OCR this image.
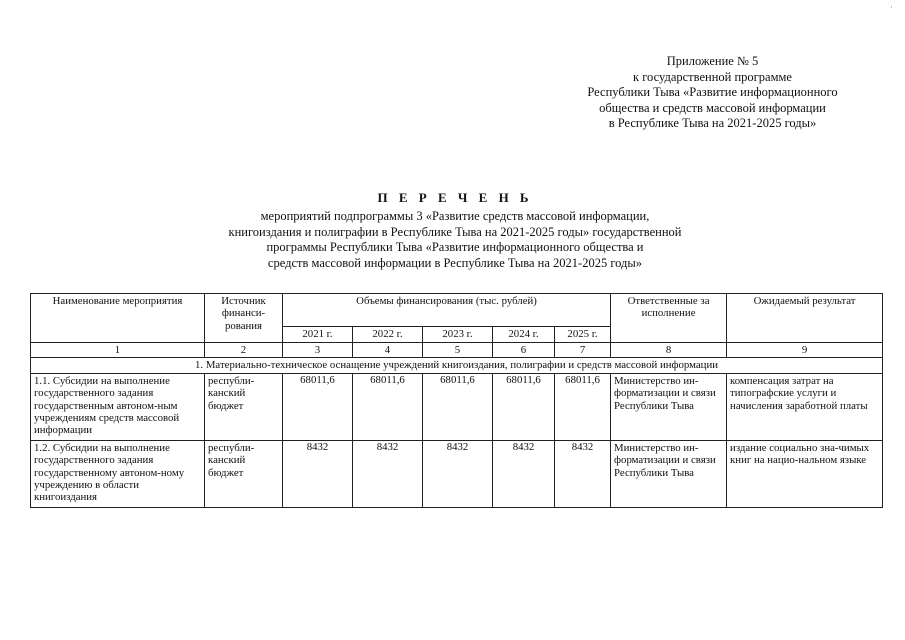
·
Приложение № 5
к государственной программе
Республики Тыва «Развитие информационного
общества и средств массовой информации
в Республике Тыва на 2021-2025 годы»
П Е Р Е Ч Е Н Ь
мероприятий подпрограммы 3 «Развитие средств массовой информации,
книгоиздания и полиграфии в Республике Тыва на 2021-2025 годы» государственной
программы Республики Тыва «Развитие информационного общества и
средств массовой информации в Республике Тыва на 2021-2025 годы»
Наименование мероприятия	Источник финанси-рования	Объемы финансирования (тыс. рублей)					Ответственные за исполнение	Ожидаемый результат
		2021 г.	2022 г.	2023 г.	2024 г.	2025 г.		
1	2	3	4	5	6	7	8	9
1. Материально-техническое оснащение учреждений книгоиздания, полиграфии и средств массовой информации								
1.1. Субсидии на выполнение государственного задания государственным автоном-ным учреждениям средств массовой информации	республи-канский бюджет	68011,6	68011,6	68011,6	68011,6	68011,6	Министерство ин-форматизации и связи Республики Тыва	компенсация затрат на типографские услуги и начисления заработной платы
1.2. Субсидии на выполнение государственного задания государственному автоном-ному учреждению в области книгоиздания	республи-канский бюджет	8432	8432	8432	8432	8432	Министерство ин-форматизации и связи Республики Тыва	издание социально зна-чимых книг на нацио-нальном языке
